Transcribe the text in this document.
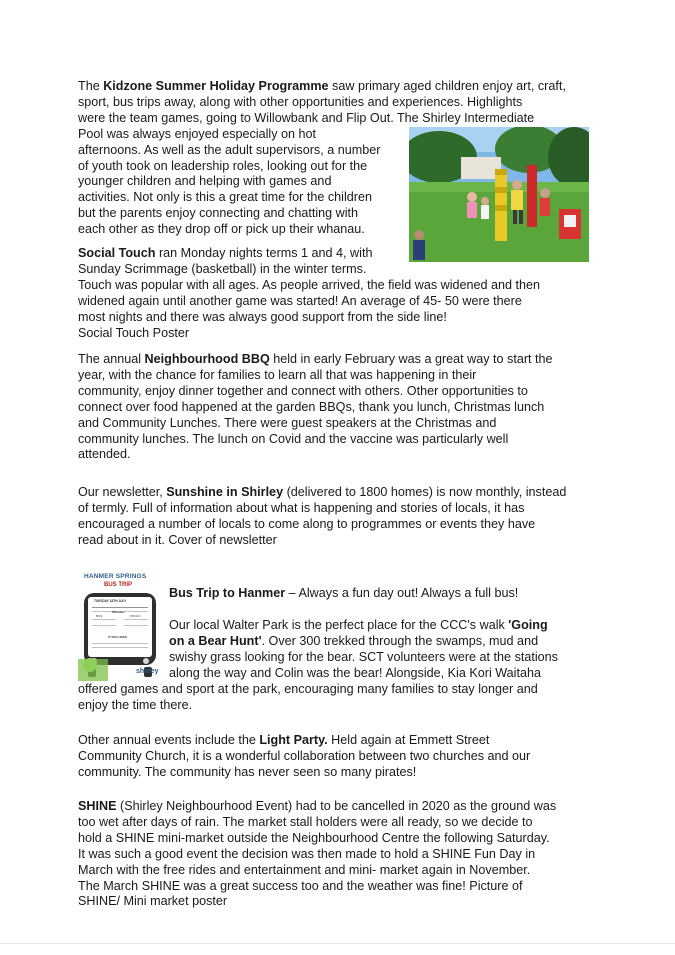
The Kidzone Summer Holiday Programme saw primary aged children enjoy art, craft,
sport, bus trips away, along with other opportunities and experiences. Highlights
were the team games, going to Willowbank and Flip Out. The Shirley Intermediate
Pool was always enjoyed especially on hot
afternoons. As well as the adult supervisors, a number
of youth took on leadership roles, looking out for the
younger children and helping with games and
activities. Not only is this a great time for the children
but the parents enjoy connecting and chatting with
each other as they drop off or pick up their whanau.
Social Touch ran Monday nights terms 1 and 4, with
Sunday Scrimmage (basketball) in the winter terms.
Touch was popular with all ages. As people arrived, the field was widened and then
widened again until another game was started! An average of 45- 50 were there
most nights and there was always good support from the side line!
Social Touch Poster
The annual Neighbourhood BBQ held in early February was a great way to start the
year, with the chance for families to learn all that was happening in their
community, enjoy dinner together and connect with others. Other opportunities to
connect over food happened at the garden BBQs, thank you lunch, Christmas lunch
and Community Lunches. There were guest speakers at the Christmas and
community lunches. The lunch on Covid and the vaccine was particularly well
attended.
Our newsletter, Sunshine in Shirley (delivered to 1800 homes) is now monthly, instead
of termly. Full of information about what is happening and stories of locals, it has
encouraged a number of locals to come along to programmes or events they have
read about in it. Cover of newsletter
HANMER SPRINGS
BUS TRIP
TUESDAY 18TH JULY
PRICING
BUS	POOLS
IT INCLUDES
shirley
Bus Trip to Hanmer – Always a fun day out! Always a full bus!
Our local Walter Park is the perfect place for the CCC's walk 'Going
on a Bear Hunt'. Over 300 trekked through the swamps, mud and
swishy grass looking for the bear. SCT volunteers were at the stations
along the way and Colin was the bear! Alongside, Kia Kori Waitaha
offered games and sport at the park, encouraging many families to stay longer and
enjoy the time there.
Other annual events include the Light Party. Held again at Emmett Street
Community Church, it is a wonderful collaboration between two churches and our
community. The community has never seen so many pirates!
SHINE (Shirley Neighbourhood Event) had to be cancelled in 2020 as the ground was
too wet after days of rain. The market stall holders were all ready, so we decide to
hold a SHINE mini-market outside the Neighbourhood Centre the following Saturday.
It was such a good event the decision was then made to hold a SHINE Fun Day in
March with the free rides and entertainment and mini- market again in November.
The March SHINE was a great success too and the weather was fine! Picture of
SHINE/ Mini market poster
